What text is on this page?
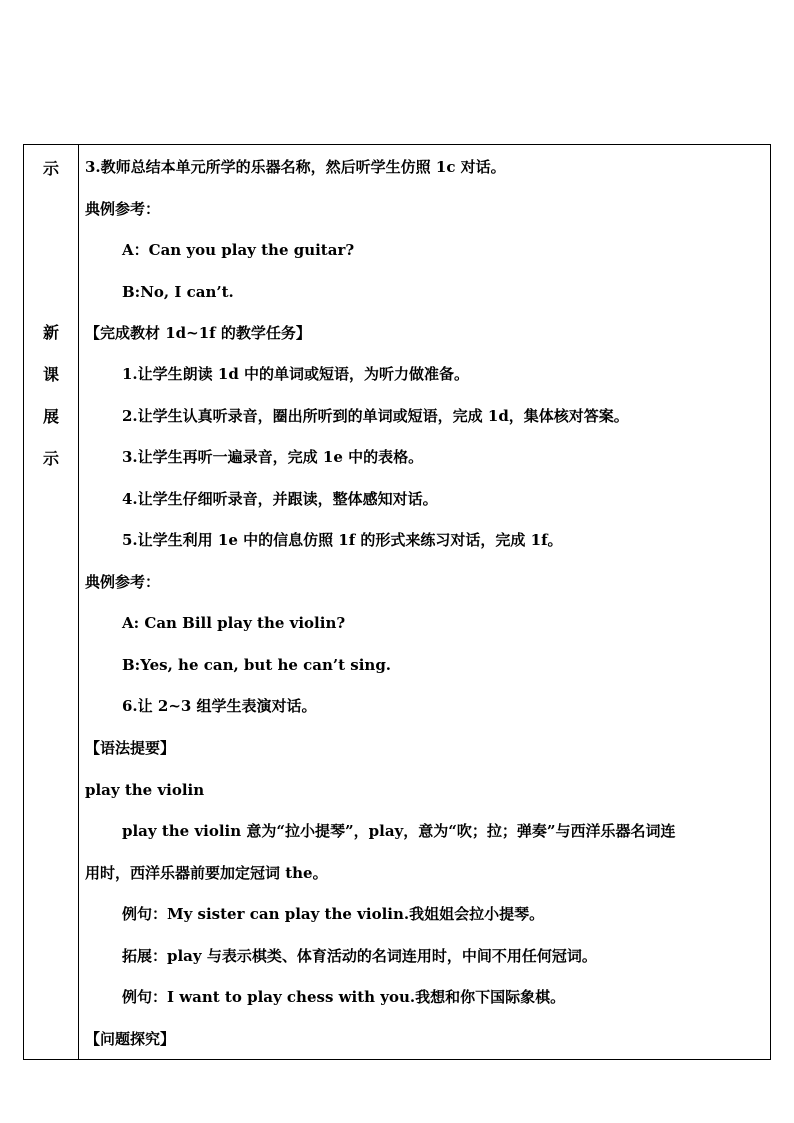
示
新
课
展
示
3.教师总结本单元所学的乐器名称，然后听学生仿照 1c 对话。
典例参考：
A：Can you play the guitar?
B:No, I can’t.
【完成教材 1d~1f 的教学任务】
1.让学生朗读 1d 中的单词或短语，为听力做准备。
2.让学生认真听录音，圈出所听到的单词或短语，完成 1d，集体核对答案。
3.让学生再听一遍录音，完成 1e 中的表格。
4.让学生仔细听录音，并跟读，整体感知对话。
5.让学生利用 1e 中的信息仿照 1f 的形式来练习对话，完成 1f。
典例参考：
A: Can Bill play the violin?
B:Yes, he can, but he can’t sing.
6.让 2~3 组学生表演对话。
【语法提要】
play the violin
play the violin 意为“拉小提琴”，play，意为“吹；拉；弹奏”与西洋乐器名词连
用时，西洋乐器前要加定冠词 the。
例句：My sister can play the violin.我姐姐会拉小提琴。
拓展：play 与表示棋类、体育活动的名词连用时，中间不用任何冠词。
例句：I want to play chess with you.我想和你下国际象棋。
【问题探究】
